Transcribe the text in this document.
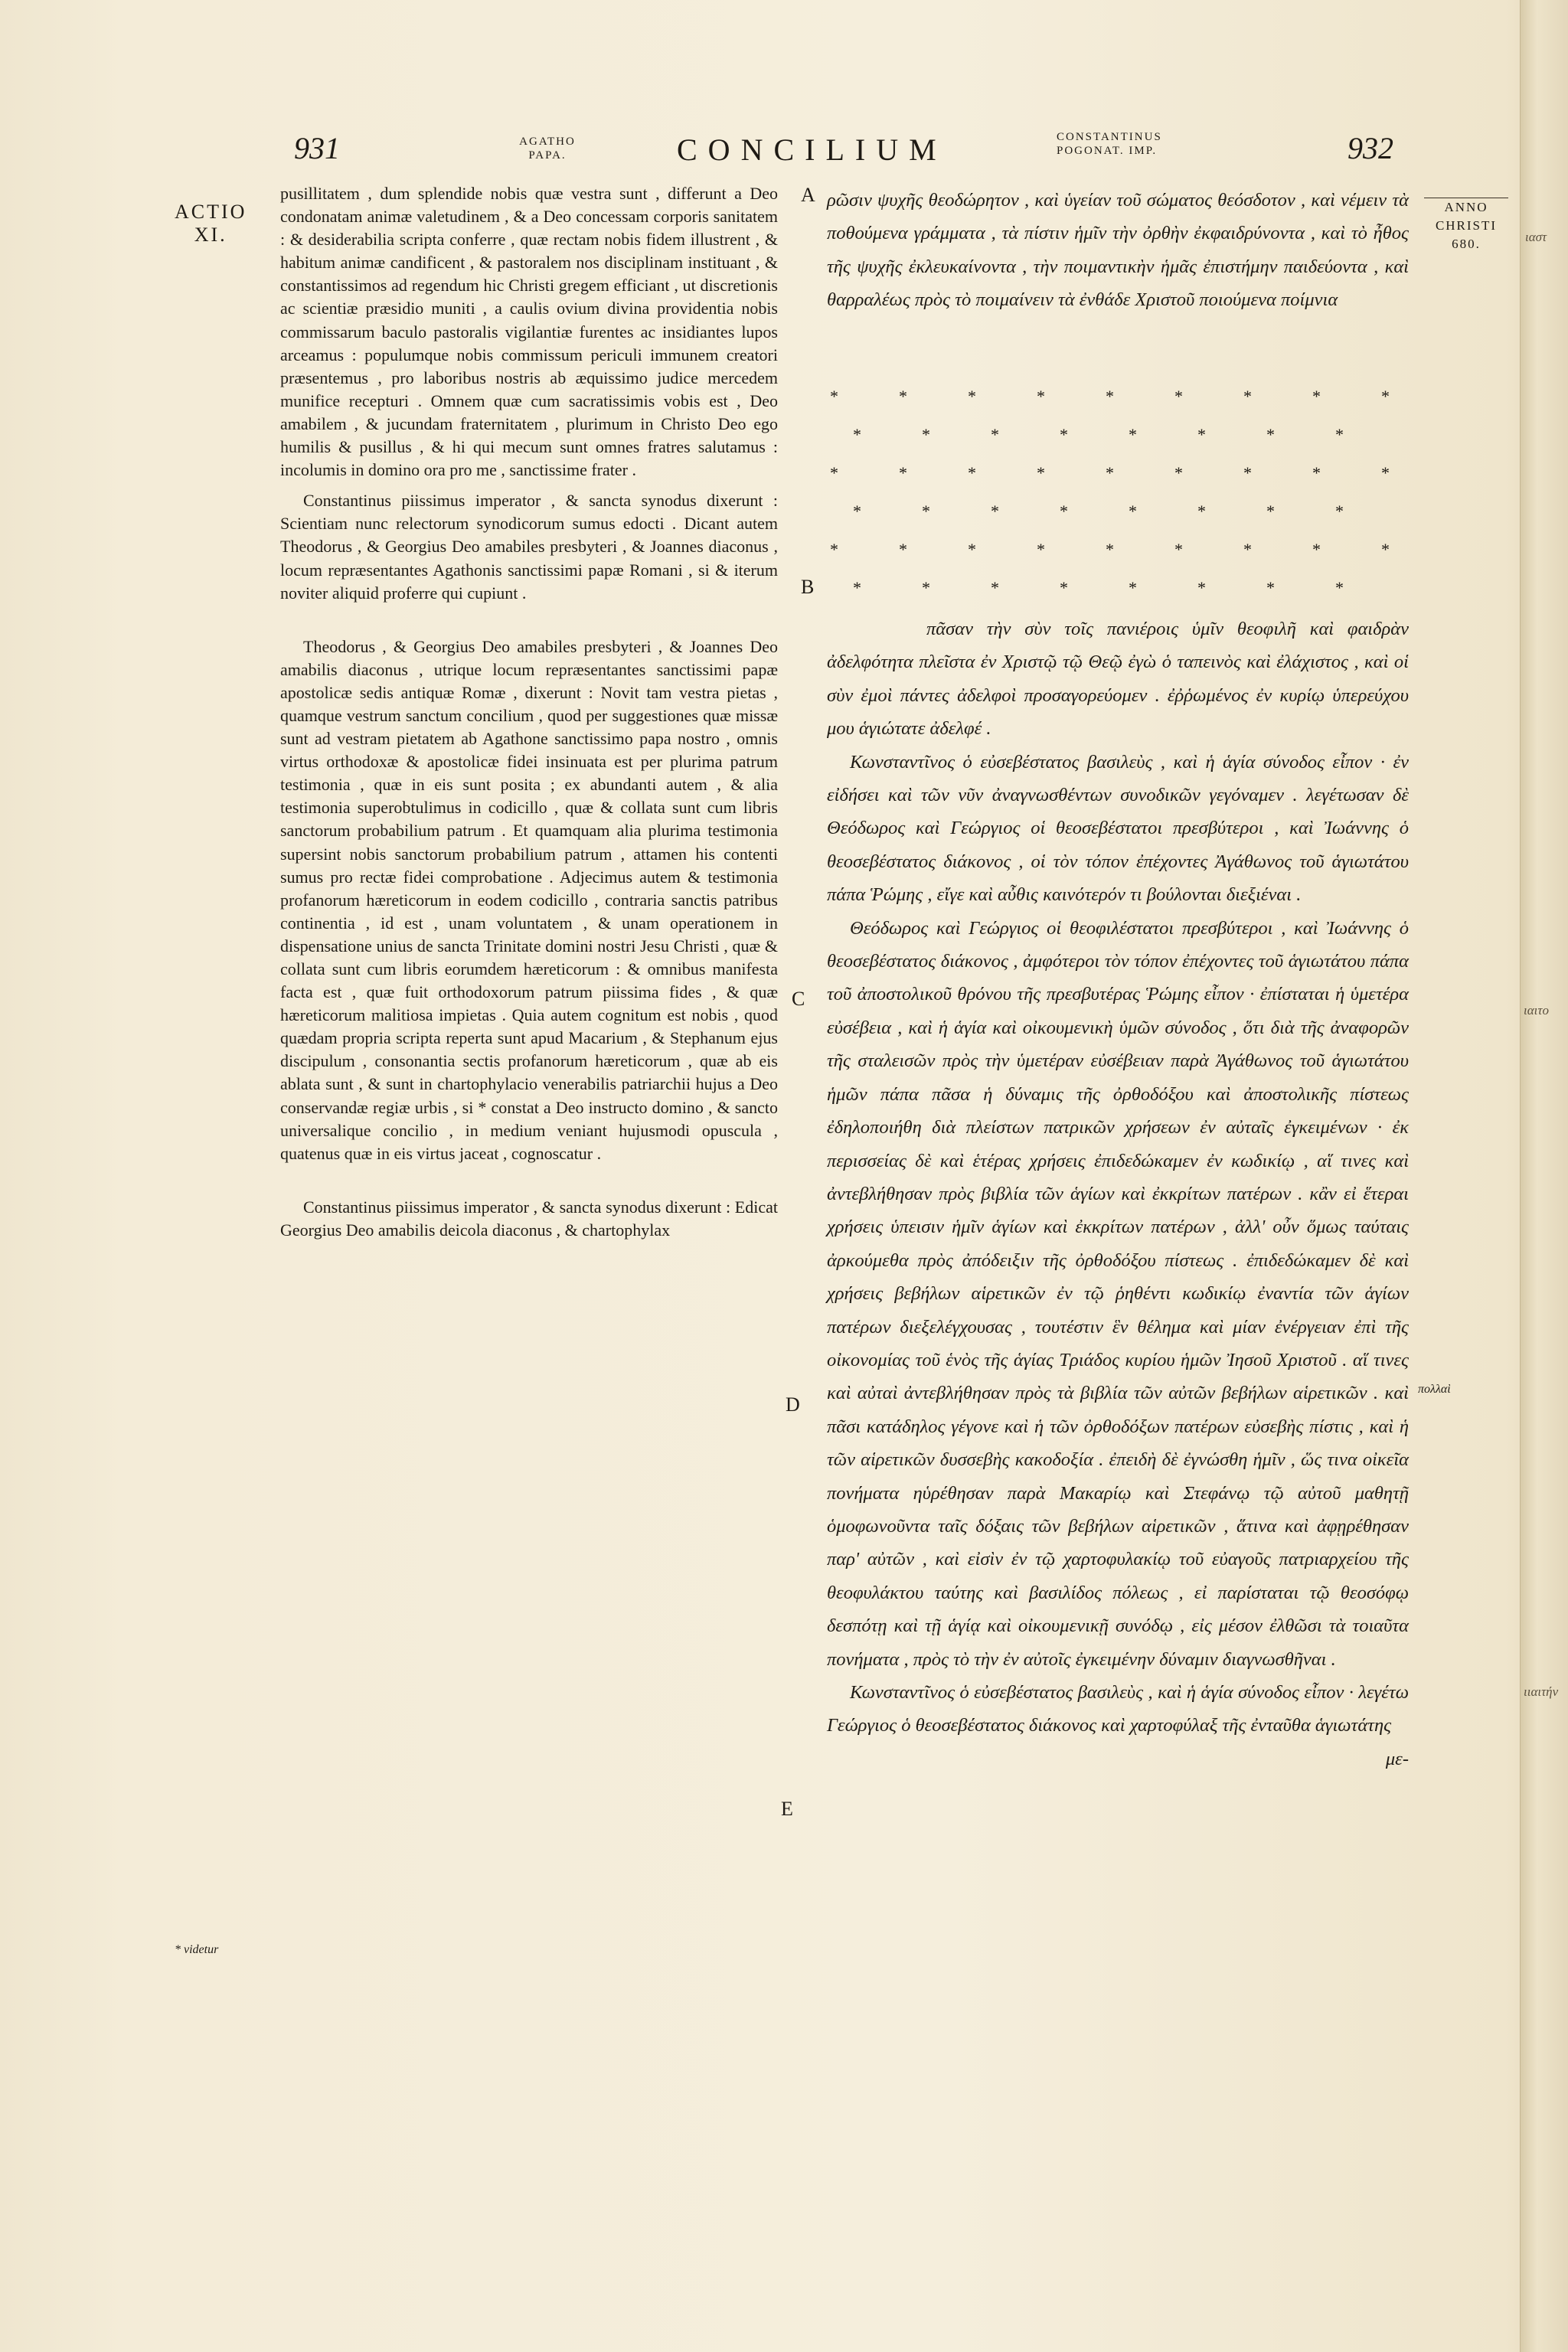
931	AGATHO
PAPA.	CONCILIUM	CONSTANTINUS
POGONAT. IMP.	932
ACTIO
XI.
ANNO
CHRISTI
680.
A
B
C
D
E
* videtur
πολλαὶ

pusillitatem , dum splendide nobis quæ vestra sunt , differunt a Deo condonatam animæ valetudinem , & a Deo concessam corporis sanitatem : & desiderabilia scripta conferre , quæ rectam nobis fidem illustrent , & habitum animæ candificent , & pastoralem nos disciplinam instituant , & constantissimos ad regendum hic Christi gregem efficiant , ut discretionis ac scientiæ præsidio muniti , a caulis ovium divina providentia nobis commissarum baculo pastoralis vigilantiæ furentes ac insidiantes lupos arceamus : populumque nobis commissum periculi immunem creatori præsentemus , pro laboribus nostris ab æquissimo judice mercedem munifice recepturi . Omnem quæ cum sacratissimis vobis est , Deo amabilem , & jucundam fraternitatem , plurimum in Christo Deo ego humilis & pusillus , & hi qui mecum sunt omnes fratres salutamus : incolumis in domino ora pro me , sanctissime frater .

Constantinus piissimus imperator , & sancta synodus dixerunt : Scientiam nunc relectorum synodicorum sumus edocti . Dicant autem Theodorus , & Georgius Deo amabiles presbyteri , & Joannes diaconus , locum repræsentantes Agathonis sanctissimi papæ Romani , si & iterum noviter aliquid proferre qui cupiunt .

Theodorus , & Georgius Deo amabiles presbyteri , & Joannes Deo amabilis diaconus , utrique locum repræsentantes sanctissimi papæ apostolicæ sedis antiquæ Romæ , dixerunt : Novit tam vestra pietas , quamque vestrum sanctum concilium , quod per suggestiones quæ missæ sunt ad vestram pietatem ab Agathone sanctissimo papa nostro , omnis virtus orthodoxæ & apostolicæ fidei insinuata est per plurima patrum testimonia , quæ in eis sunt posita ; ex abundanti autem , & alia testimonia superobtulimus in codicillo , quæ & collata sunt cum libris sanctorum probabilium patrum . Et quamquam alia plurima testimonia supersint nobis sanctorum probabilium patrum , attamen his contenti sumus pro rectæ fidei comprobatione . Adjecimus autem & testimonia profanorum hæreticorum in eodem codicillo , contraria sanctis patribus continentia , id est , unam voluntatem , & unam operationem in dispensatione unius de sancta Trinitate domini nostri Jesu Christi , quæ & collata sunt cum libris eorumdem hæreticorum : & omnibus manifesta facta est , quæ fuit orthodoxorum patrum piissima fides , & quæ hæreticorum malitiosa impietas . Quia autem cognitum est nobis , quod quædam propria scripta reperta sunt apud Macarium , & Stephanum ejus discipulum , consonantia sectis profanorum hæreticorum , quæ ab eis ablata sunt , & sunt in chartophylacio venerabilis patriarchii hujus a Deo conservandæ regiæ urbis , si * constat a Deo instructo domino , & sancto universalique concilio , in medium veniant hujusmodi opuscula , quatenus quæ in eis virtus jaceat , cognoscatur .

Constantinus piissimus imperator , & sancta synodus dixerunt : Edicat Georgius Deo amabilis deicola diaconus , & chartophylax

ρῶσιν ψυχῆς θεοδώρητον , καὶ ὑγείαν τοῦ σώματος θεόσδοτον , καὶ νέμειν τὰ ποθούμενα γράμματα , τὰ πίστιν ἡμῖν τὴν ὀρθὴν ἐκφαιδρύνοντα , καὶ τὸ ἦθος τῆς ψυχῆς ἐκλευκαίνοντα , τὴν ποιμαντικὴν ἡμᾶς ἐπιστήμην παιδεύοντα , καὶ θαρραλέως πρὸς τὸ ποιμαίνειν τὰ ἐνθάδε Χριστοῦ ποιούμενα ποίμνια

*	*	*	*	*	*	*	*	*
*	*	*	*	*	*	*	*
*	*	*	*	*	*	*	*	*
*	*	*	*	*	*	*	*
*	*	*	*	*	*	*	*	*
*	*	*	*	*	*	*	*

πᾶσαν τὴν σὺν τοῖς πανιέροις ὑμῖν θεοφιλῆ καὶ φαιδρὰν ἀδελφότητα πλεῖστα ἐν Χριστῷ τῷ Θεῷ ἐγὼ ὁ ταπεινὸς καὶ ἐλάχιστος , καὶ οἱ σὺν ἐμοὶ πάντες ἀδελφοὶ προσαγορεύομεν . ἐῤῥωμένος ἐν κυρίῳ ὑπερεύχου μου ἁγιώτατε ἀδελφέ .

Κωνσταντῖνος ὁ εὐσεβέστατος βασιλεὺς , καὶ ἡ ἁγία σύνοδος εἶπον · ἐν εἰδήσει καὶ τῶν νῦν ἀναγνωσθέντων συνοδικῶν γεγόναμεν . λεγέτωσαν δὲ Θεόδωρος καὶ Γεώργιος οἱ θεοσεβέστατοι πρεσβύτεροι , καὶ Ἰωάννης ὁ θεοσεβέστατος διάκονος , οἱ τὸν τόπον ἐπέχοντες Ἀγάθωνος τοῦ ἁγιωτάτου πάπα Ῥώμης , εἴγε καὶ αὖθις καινότερόν τι βούλονται διεξιέναι .

Θεόδωρος καὶ Γεώργιος οἱ θεοφιλέστατοι πρεσβύτεροι , καὶ Ἰωάννης ὁ θεοσεβέστατος διάκονος , ἀμφότεροι τὸν τόπον ἐπέχοντες τοῦ ἁγιωτάτου πάπα τοῦ ἀποστολικοῦ θρόνου τῆς πρεσβυτέρας Ῥώμης εἶπον · ἐπίσταται ἡ ὑμετέρα εὐσέβεια , καὶ ἡ ἁγία καὶ οἰκουμενικὴ ὑμῶν σύνοδος , ὅτι διὰ τῆς ἀναφορῶν τῆς σταλεισῶν πρὸς τὴν ὑμετέραν εὐσέβειαν παρὰ Ἀγάθωνος τοῦ ἁγιωτάτου ἡμῶν πάπα πᾶσα ἡ δύναμις τῆς ὀρθοδόξου καὶ ἀποστολικῆς πίστεως ἐδηλοποιήθη διὰ πλείστων πατρικῶν χρήσεων ἐν αὐταῖς ἐγκειμένων · ἐκ περισσείας δὲ καὶ ἑτέρας χρήσεις ἐπιδεδώκαμεν ἐν κωδικίῳ , αἵ τινες καὶ ἀντεβλήθησαν πρὸς βιβλία τῶν ἁγίων καὶ ἐκκρίτων πατέρων . κἂν εἰ ἕτεραι χρήσεις ὑπεισιν ἡμῖν ἁγίων καὶ ἐκκρίτων πατέρων , ἀλλ' οὖν ὅμως ταύταις ἀρκούμεθα πρὸς ἀπόδειξιν τῆς ὀρθοδόξου πίστεως . ἐπιδεδώκαμεν δὲ καὶ χρήσεις βεβήλων αἱρετικῶν ἐν τῷ ῥηθέντι κωδικίῳ ἐναντία τῶν ἁγίων πατέρων διεξελέγχουσας , τουτέστιν ἓν θέλημα καὶ μίαν ἐνέργειαν ἐπὶ τῆς οἰκονομίας τοῦ ἑνὸς τῆς ἁγίας Τριάδος κυρίου ἡμῶν Ἰησοῦ Χριστοῦ . αἵ τινες καὶ αὐταὶ ἀντεβλήθησαν πρὸς τὰ βιβλία τῶν αὐτῶν βεβήλων αἱρετικῶν . καὶ πᾶσι κατάδηλος γέγονε καὶ ἡ τῶν ὀρθοδόξων πατέρων εὐσεβὴς πίστις , καὶ ἡ τῶν αἱρετικῶν δυσσεβὴς κακοδοξία . ἐπειδὴ δὲ ἐγνώσθη ἡμῖν , ὥς τινα οἰκεῖα πονήματα ηὑρέθησαν παρὰ Μακαρίῳ καὶ Στεφάνῳ τῷ αὐτοῦ μαθητῇ ὁμοφωνοῦντα ταῖς δόξαις τῶν βεβήλων αἱρετικῶν , ἅτινα καὶ ἀφῃρέθησαν παρ' αὐτῶν , καὶ εἰσὶν ἐν τῷ χαρτοφυλακίῳ τοῦ εὐαγοῦς πατριαρχείου τῆς θεοφυλάκτου ταύτης καὶ βασιλίδος πόλεως , εἰ παρίσταται τῷ θεοσόφῳ δεσπότῃ καὶ τῇ ἁγίᾳ καὶ οἰκουμενικῇ συνόδῳ , εἰς μέσον ἐλθῶσι τὰ τοιαῦτα πονήματα , πρὸς τὸ τὴν ἐν αὐτοῖς ἐγκειμένην δύναμιν διαγνωσθῆναι .

Κωνσταντῖνος ὁ εὐσεβέστατος βασιλεὺς , καὶ ἡ ἁγία σύνοδος εἶπον · λεγέτω Γεώργιος ὁ θεοσεβέστατος διάκονος καὶ χαρτοφύλαξ τῆς ἐνταῦθα ἁγιωτάτης

με-

ιαστ
ιαιτο
ιιαιτήν
